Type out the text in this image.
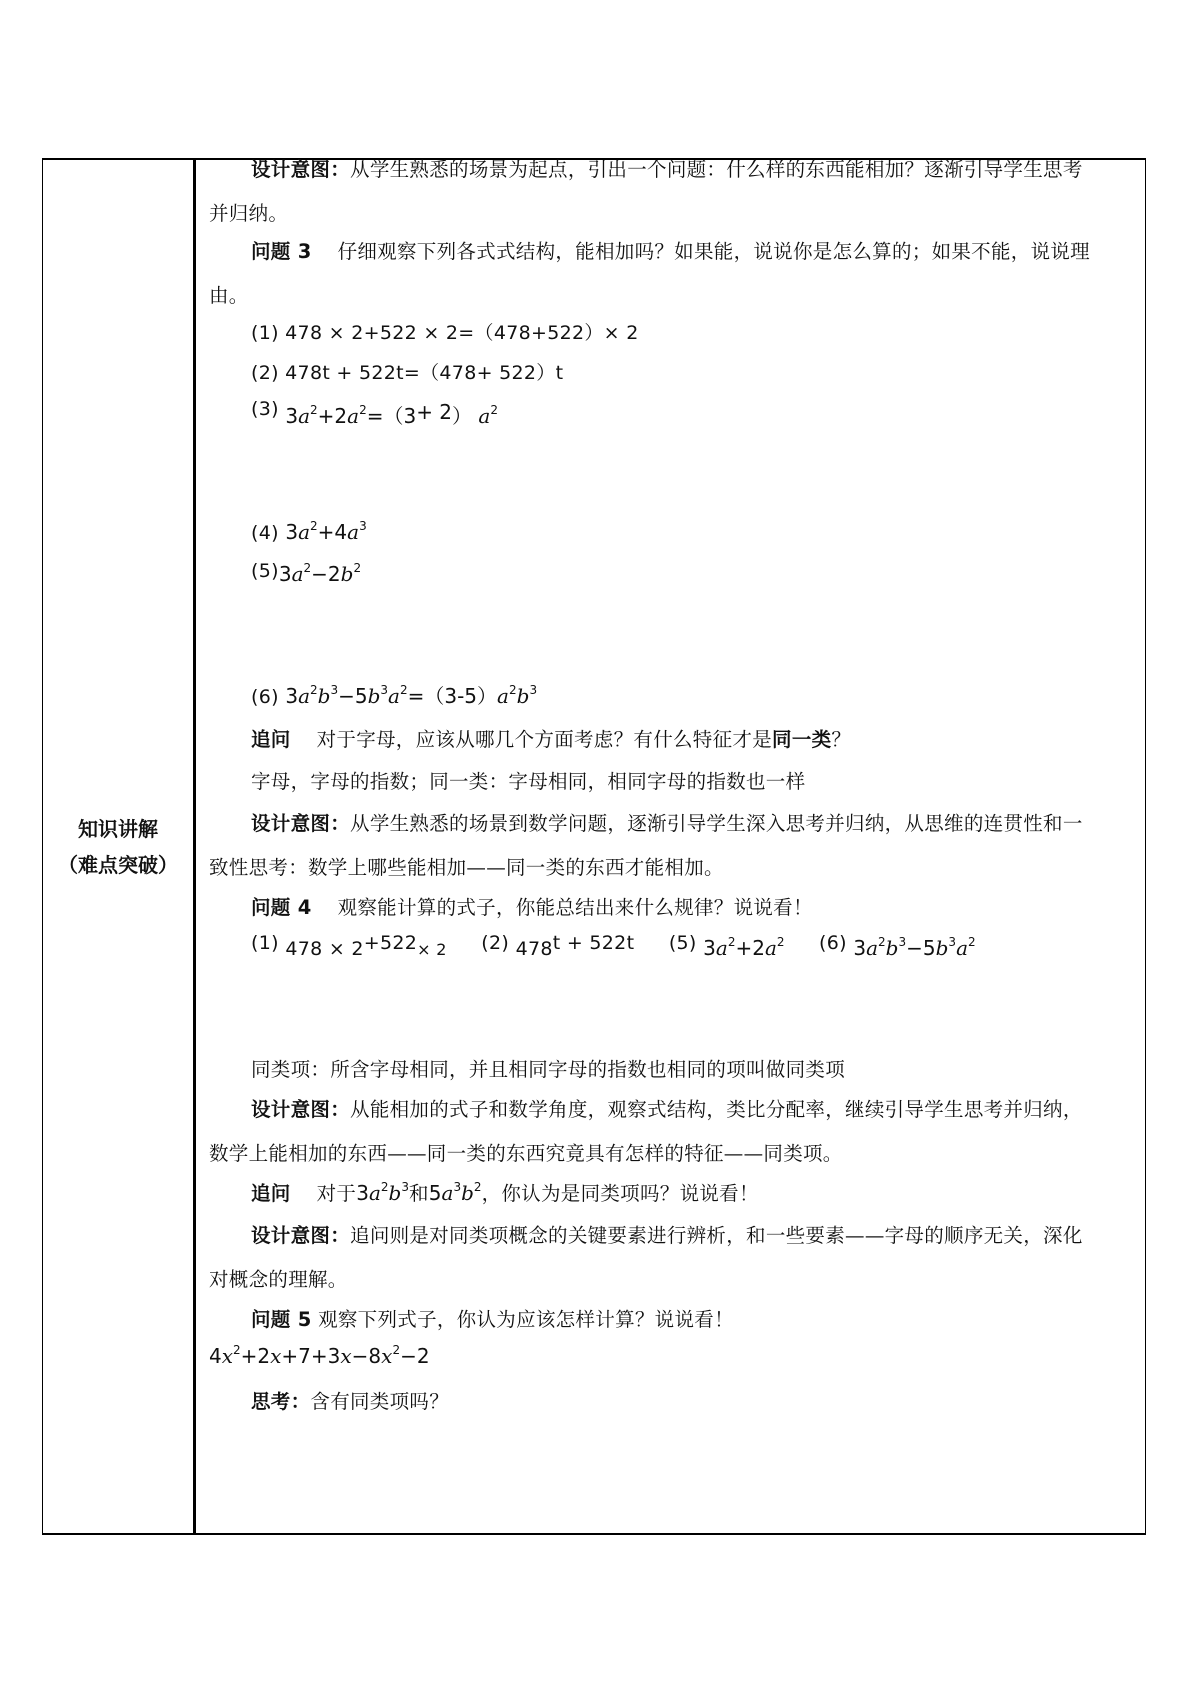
知识讲解
（难点突破）
设计意图：从学生熟悉的场景为起点，引出一个问题：什么样的东西能相加？逐渐引导学生思考
并归纳。
问题 3 仔细观察下列各式式结构，能相加吗？如果能，说说你是怎么算的；如果不能，说说理
由。
(1) 478 × 2+522 × 2=（478+522）× 2
(2) 478t + 522t=（478+ 522）t
(3) $3a^2+2a^2=(3+ 2)$ $a^2$
(4) $3a^2+4a^3$
$(5)3a^2-2b^2$
(6) $3a^2b^3-5b^3a^2=(3-5)a^2b^3$
追问 对于字母，应该从哪几个方面考虑？有什么特征才是同一类？
字母，字母的指数；同一类：字母相同，相同字母的指数也一样
设计意图：从学生熟悉的场景到数学问题，逐渐引导学生深入思考并归纳，从思维的连贯性和一
致性思考：数学上哪些能相加——同一类的东西才能相加。
问题 4 观察能计算的式子，你能总结出来什么规律？说说看！
(1) 478 × 2+522× 2 (2) 478t + 522t (5) $3a^2+2a^2$ (6) $3a^2b^3-5b^3a^2$
同类项：所含字母相同，并且相同字母的指数也相同的项叫做同类项
设计意图：从能相加的式子和数学角度，观察式结构，类比分配率，继续引导学生思考并归纳，
数学上能相加的东西——同一类的东西究竟具有怎样的特征——同类项。
追问 对于$3a^2b^3$和$5a^3b^2$，你认为是同类项吗？说说看！
设计意图：追问则是对同类项概念的关键要素进行辨析，和一些要素——字母的顺序无关，深化
对概念的理解。
问题 5 观察下列式子，你认为应该怎样计算？说说看！
$4x^2+2x+7+3x-8x^2-2$
思考：含有同类项吗？
